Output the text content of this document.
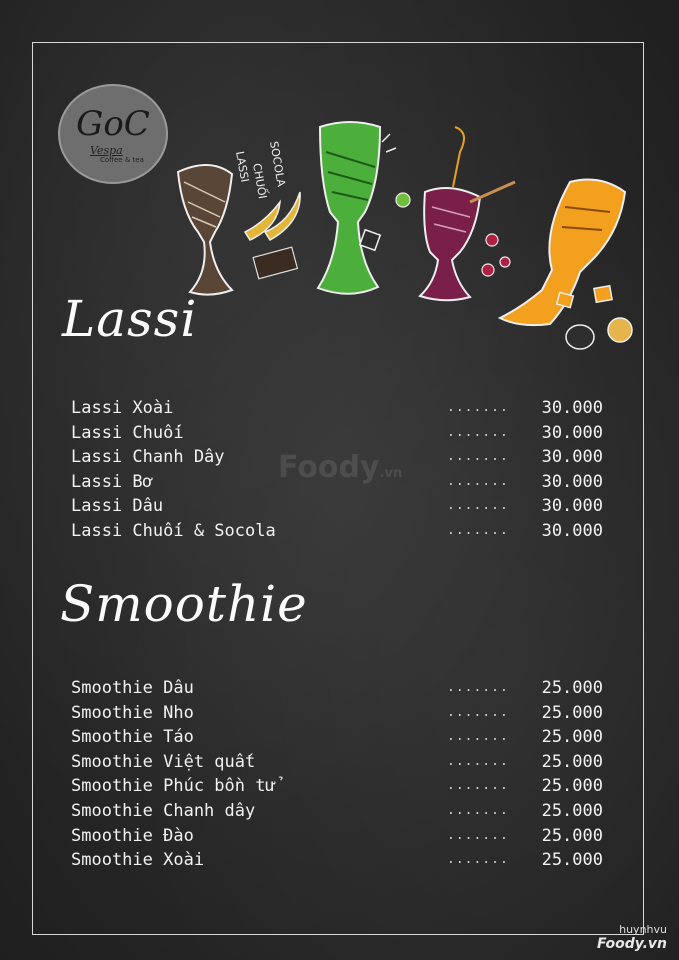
GoC
Vespa
Coffee & tea	LASSI
CHUỐI
SOCOLA
Lassi
Lassi Xoài	....... 30.000
Lassi Chuối	....... 30.000
Lassi Chanh Dây	....... 30.000
Lassi Bơ	....... 30.000
Lassi Dâu	....... 30.000
Lassi Chuối & Socola	....... 30.000
Foody.vn
Smoothie
Smoothie Dâu	....... 25.000
Smoothie Nho	....... 25.000
Smoothie Táo	....... 25.000
Smoothie Việt quất	....... 25.000
Smoothie Phúc bồn tử	....... 25.000
Smoothie Chanh dây	....... 25.000
Smoothie Đào	....... 25.000
Smoothie Xoài	....... 25.000
huynhvu
Foody.vn
